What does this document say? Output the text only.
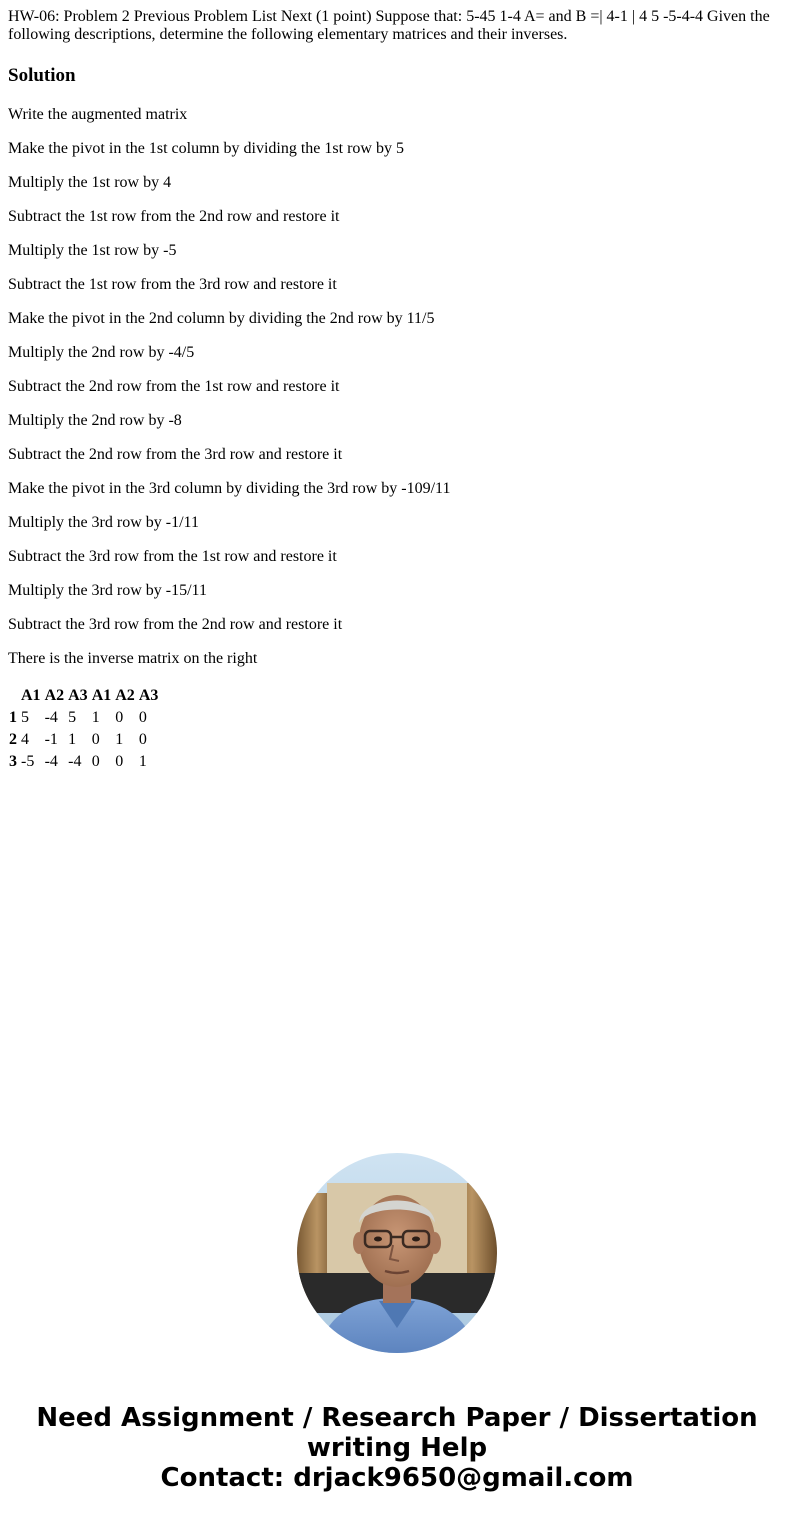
HW-06: Problem 2 Previous Problem List Next (1 point) Suppose that: 5-45 1-4 A= and B =| 4-1 | 4 5 -5-4-4 Given the following descriptions, determine the following elementary matrices and their inverses.

Solution

Write the augmented matrix

Make the pivot in the 1st column by dividing the 1st row by 5

Multiply the 1st row by 4

Subtract the 1st row from the 2nd row and restore it

Multiply the 1st row by -5

Subtract the 1st row from the 3rd row and restore it

Make the pivot in the 2nd column by dividing the 2nd row by 11/5

Multiply the 2nd row by -4/5

Subtract the 2nd row from the 1st row and restore it

Multiply the 2nd row by -8

Subtract the 2nd row from the 3rd row and restore it

Make the pivot in the 3rd column by dividing the 3rd row by -109/11

Multiply the 3rd row by -1/11

Subtract the 3rd row from the 1st row and restore it

Multiply the 3rd row by -15/11

Subtract the 3rd row from the 2nd row and restore it

There is the inverse matrix on the right

	A1	A2	A3	A1	A2	A3
1	5	-4	5	1	0	0
2	4	-1	1	0	1	0
3	-5	-4	-4	0	0	1
Need Assignment / Research Paper / Dissertation
writing Help
Contact: drjack9650@gmail.com
